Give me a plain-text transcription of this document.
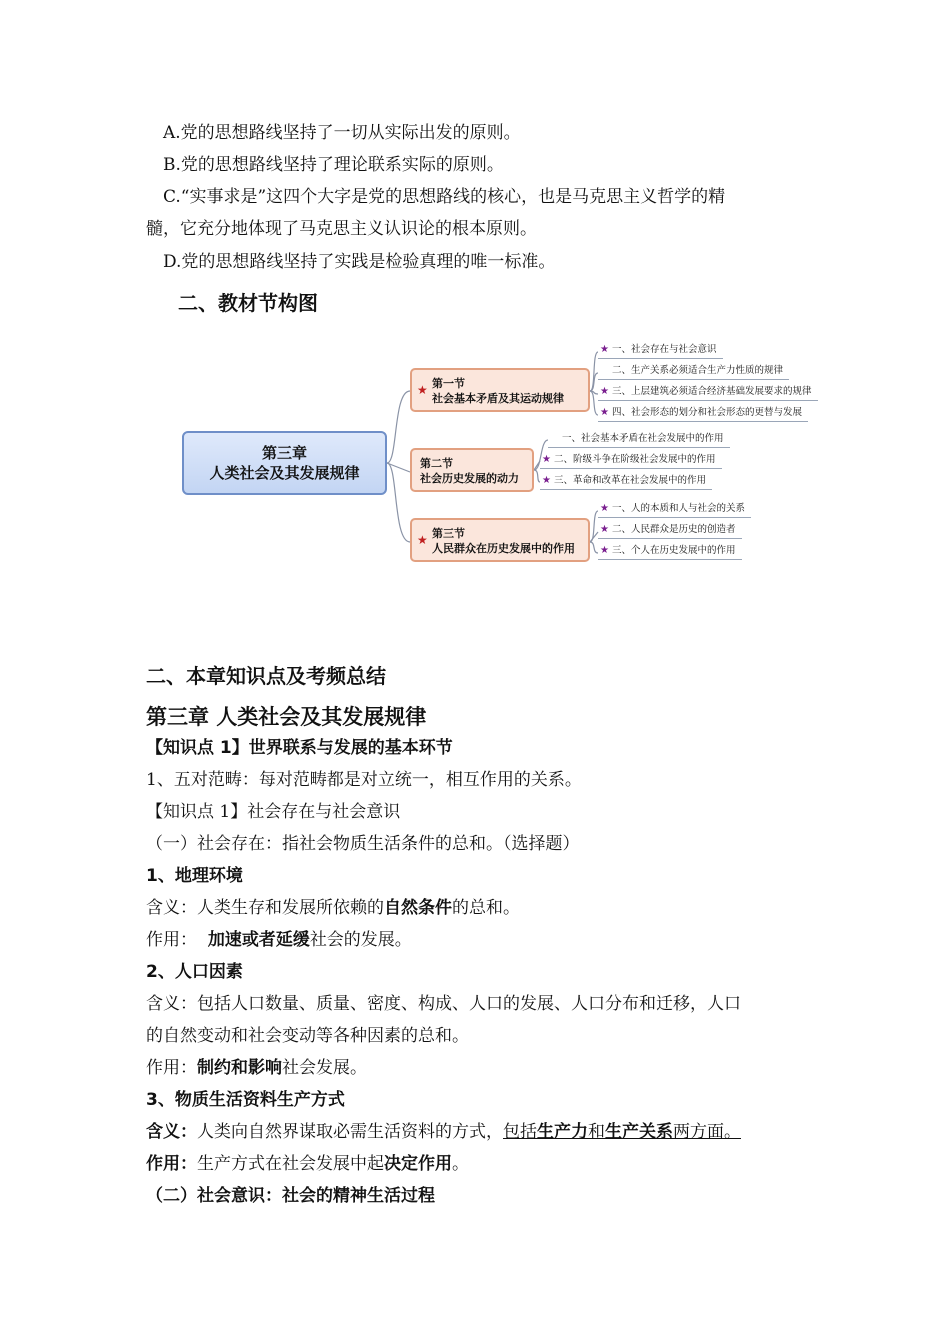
A.党的思想路线坚持了一切从实际出发的原则。
B.党的思想路线坚持了理论联系实际的原则。
C.“实事求是”这四个大字是党的思想路线的核心，也是马克思主义哲学的精
髓，它充分地体现了马克思主义认识论的根本原则。
D.党的思想路线坚持了实践是检验真理的唯一标准。
二、教材节构图
第三章
人类社会及其发展规律
★ 第一节
社会基本矛盾及其运动规律
第二节
社会历史发展的动力
★ 第三节
人民群众在历史发展中的作用
★ 一、社会存在与社会意识
二、生产关系必须适合生产力性质的规律
★ 三、上层建筑必须适合经济基础发展要求的规律
★ 四、社会形态的划分和社会形态的更替与发展
一、社会基本矛盾在社会发展中的作用
★ 二、阶级斗争在阶级社会发展中的作用
★ 三、革命和改革在社会发展中的作用
★ 一、人的本质和人与社会的关系
★ 二、人民群众是历史的创造者
★ 三、个人在历史发展中的作用
二、本章知识点及考频总结
第三章 人类社会及其发展规律
【知识点 1】世界联系与发展的基本环节
1、五对范畴：每对范畴都是对立统一，相互作用的关系。
【知识点 1】社会存在与社会意识
（一）社会存在：指社会物质生活条件的总和。（选择题）
1、地理环境
含义：人类生存和发展所依赖的自然条件的总和。
作用：  加速或者延缓社会的发展。
2、人口因素
含义：包括人口数量、质量、密度、构成、人口的发展、人口分布和迁移，人口
的自然变动和社会变动等各种因素的总和。
作用：制约和影响社会发展。
3、物质生活资料生产方式
含义：人类向自然界谋取必需生活资料的方式，包括生产力和生产关系两方面。
作用：生产方式在社会发展中起决定作用。
（二）社会意识：社会的精神生活过程
